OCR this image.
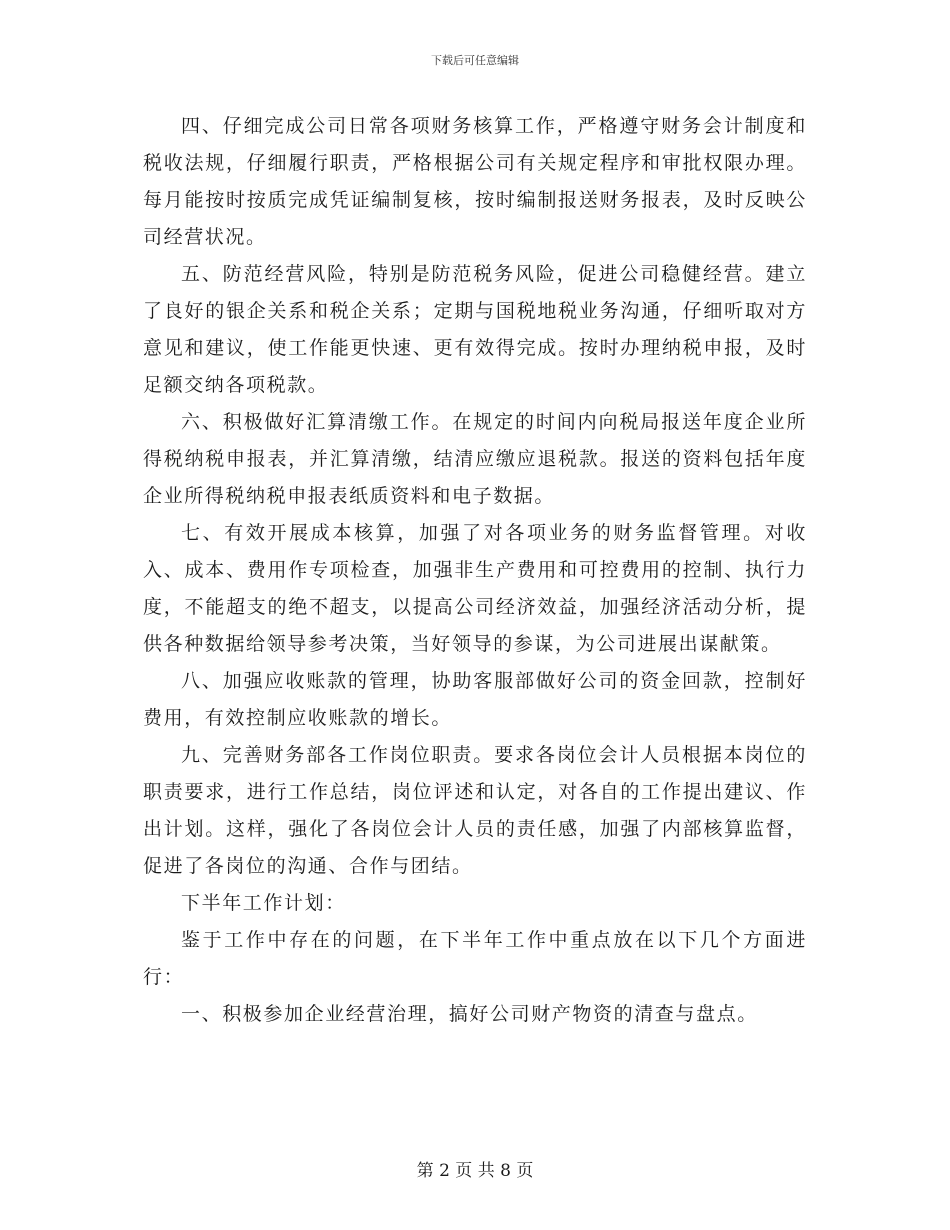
下载后可任意编辑

四、仔细完成公司日常各项财务核算工作，严格遵守财务会计制度和税收法规，仔细履行职责，严格根据公司有关规定程序和审批权限办理。每月能按时按质完成凭证编制复核，按时编制报送财务报表，及时反映公司经营状况。

五、防范经营风险，特别是防范税务风险，促进公司稳健经营。建立了良好的银企关系和税企关系；定期与国税地税业务沟通，仔细听取对方意见和建议，使工作能更快速、更有效得完成。按时办理纳税申报，及时足额交纳各项税款。

六、积极做好汇算清缴工作。在规定的时间内向税局报送年度企业所得税纳税申报表，并汇算清缴，结清应缴应退税款。报送的资料包括年度企业所得税纳税申报表纸质资料和电子数据。

七、有效开展成本核算，加强了对各项业务的财务监督管理。对收入、成本、费用作专项检查，加强非生产费用和可控费用的控制、执行力度，不能超支的绝不超支，以提高公司经济效益，加强经济活动分析，提供各种数据给领导参考决策，当好领导的参谋，为公司进展出谋献策。

八、加强应收账款的管理，协助客服部做好公司的资金回款，控制好费用，有效控制应收账款的增长。

九、完善财务部各工作岗位职责。要求各岗位会计人员根据本岗位的职责要求，进行工作总结，岗位评述和认定，对各自的工作提出建议、作出计划。这样，强化了各岗位会计人员的责任感，加强了内部核算监督，促进了各岗位的沟通、合作与团结。

下半年工作计划：

鉴于工作中存在的问题，在下半年工作中重点放在以下几个方面进行：

一、积极参加企业经营治理，搞好公司财产物资的清查与盘点。

第 2 页 共 8 页
